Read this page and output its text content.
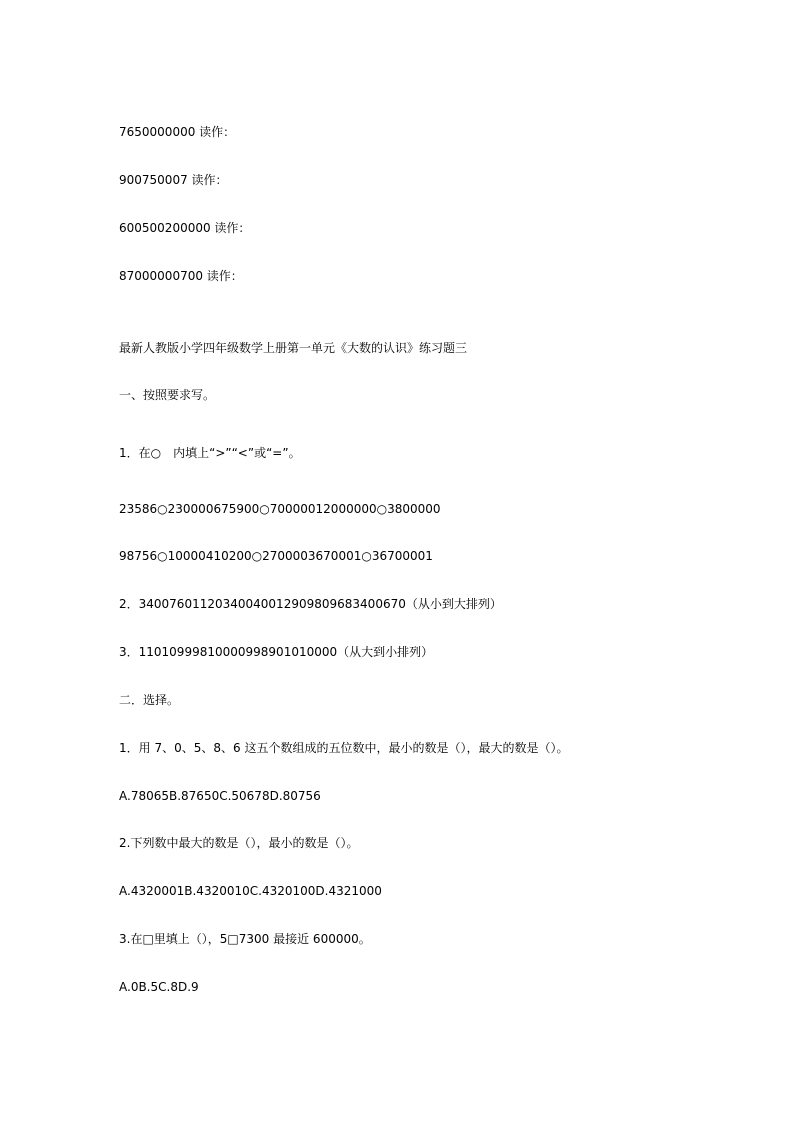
7650000000 读作：
900750007 读作：
600500200000 读作：
87000000700 读作：
最新人教版小学四年级数学上册第一单元《大数的认识》练习题三
一、按照要求写。
1．在○　内填上“>”“<”或“=”。
23586○230000675900○70000012000000○3800000
98756○10000410200○2700003670001○36700001
2．34007601120340040012909809683400670（从小到大排列）
3．11010999810000998901010000（从大到小排列）
二．选择。
1．用 7、0、5、8、6 这五个数组成的五位数中，最小的数是（），最大的数是（）。
A.78065B.87650C.50678D.80756
2.下列数中最大的数是（），最小的数是（）。
A.4320001B.4320010C.4320100D.4321000
3.在□里填上（），5□7300 最接近 600000。
A.0B.5C.8D.9
